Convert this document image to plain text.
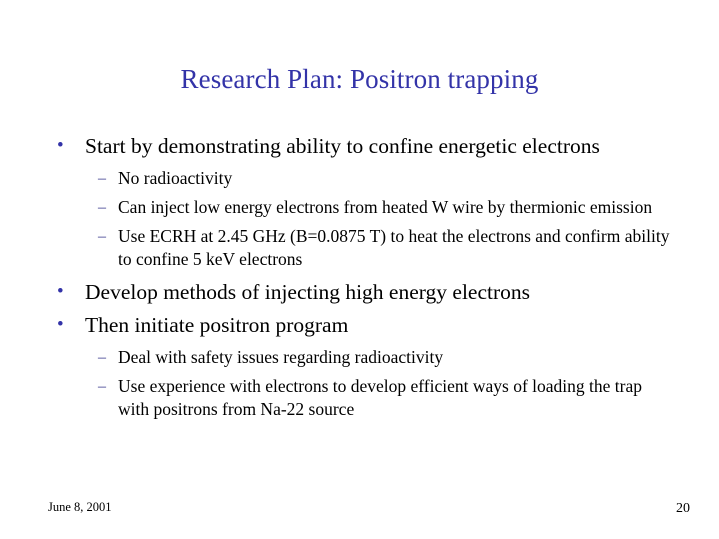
Research Plan: Positron trapping
• Start by demonstrating ability to confine energetic electrons
– No radioactivity
– Can inject low energy electrons from heated W wire by thermionic emission
– Use ECRH at 2.45 GHz (B=0.0875 T) to heat the electrons and confirm ability to confine 5 keV electrons
• Develop methods of injecting high energy electrons
• Then initiate positron program
– Deal with safety issues regarding radioactivity
– Use experience with electrons to develop efficient ways of loading the trap with positrons from Na-22 source
June 8, 2001	20
